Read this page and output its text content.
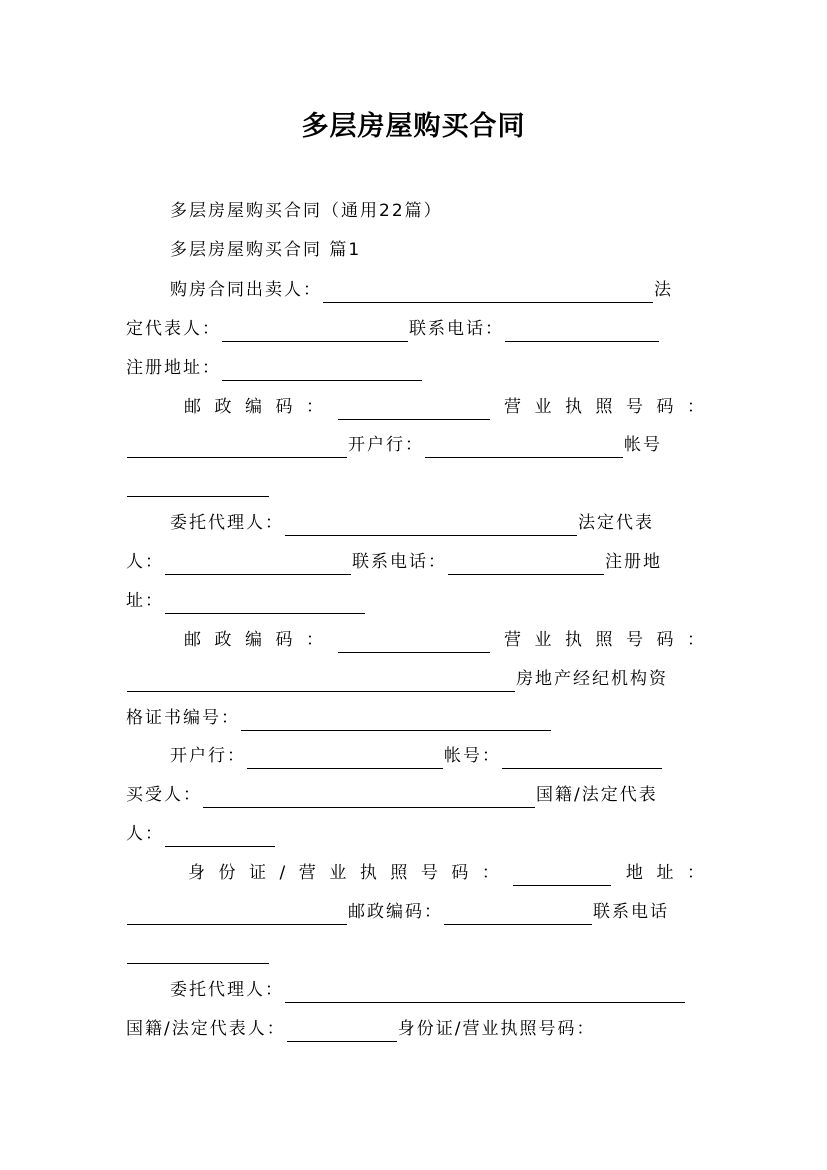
多层房屋购买合同
多层房屋购买合同（通用22篇）
多层房屋购买合同 篇1
购房合同出卖人：	法
定代表人：	联系电话：
注册地址：
邮 政 编 码 ：	营 业 执 照 号 码 ：
开户行：	帐号
委托代理人：	法定代表
人：	联系电话：	注册地
址：
邮 政 编 码 ：	营 业 执 照 号 码 ：
房地产经纪机构资
格证书编号：
开户行：	帐号：
买受人：	国籍/法定代表
人：
身 份 证 / 营 业 执 照 号 码 ：	地 址 ：
邮政编码：	联系电话
委托代理人：
国籍/法定代表人：	身份证/营业执照号码：
